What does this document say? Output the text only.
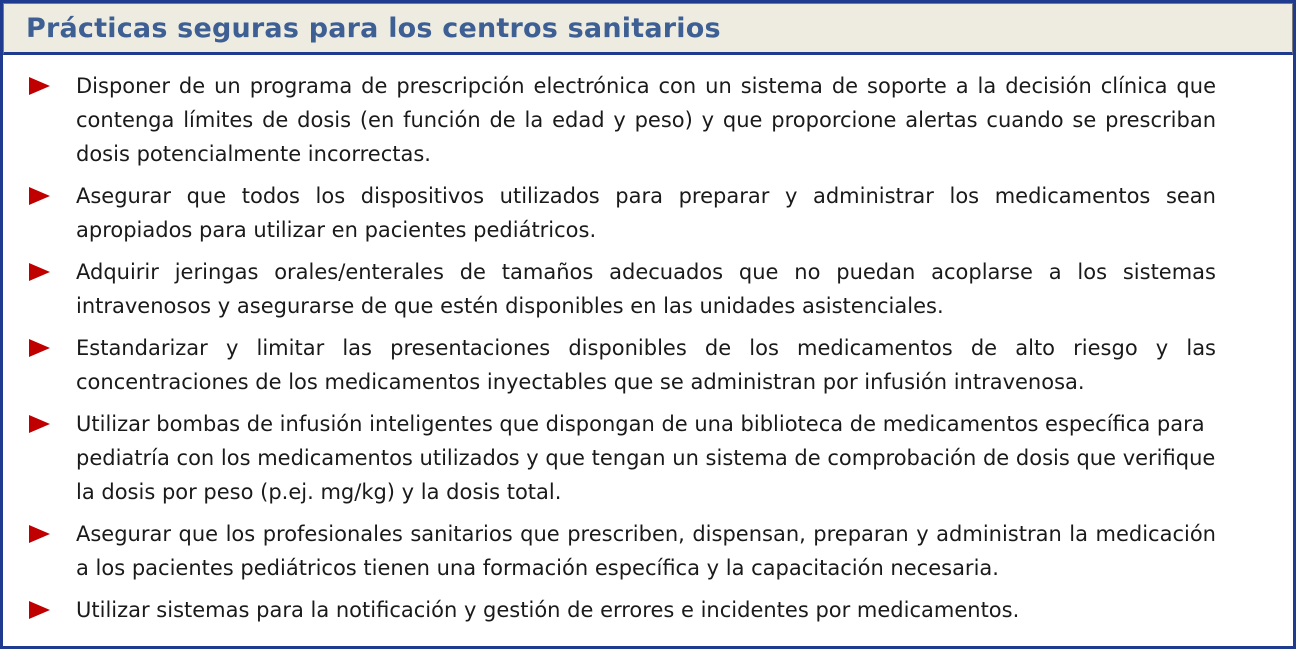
Prácticas seguras para los centros sanitarios
Disponer de un programa de prescripción electrónica con un sistema de soporte a la decisión clínica que contenga límites de dosis (en función de la edad y peso) y que proporcione alertas cuando se prescriban dosis potencialmente incorrectas.
Asegurar que todos los dispositivos utilizados para preparar y administrar los medicamentos sean apropiados para utilizar en pacientes pediátricos.
Adquirir jeringas orales/enterales de tamaños adecuados que no puedan acoplarse a los sistemas intravenosos y asegurarse de que estén disponibles en las unidades asistenciales.
Estandarizar y limitar las presentaciones disponibles de los medicamentos de alto riesgo y las concentraciones de los medicamentos inyectables que se administran por infusión intravenosa.
Utilizar bombas de infusión inteligentes que dispongan de una biblioteca de medicamentos específica para pediatría con los medicamentos utilizados y que tengan un sistema de comprobación de dosis que verifique la dosis por peso (p.ej. mg/kg) y la dosis total.
Asegurar que los profesionales sanitarios que prescriben, dispensan, preparan y administran la medicación a los pacientes pediátricos tienen una formación específica y la capacitación necesaria.
Utilizar sistemas para la notificación y gestión de errores e incidentes por medicamentos.
